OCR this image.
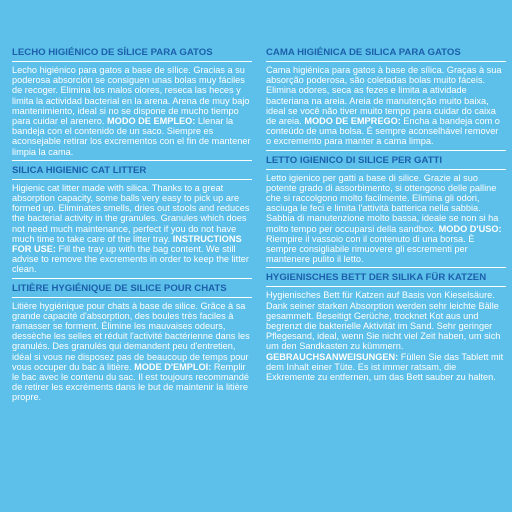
LECHO HIGIÉNICO DE SÍLICE PARA GATOS

Lecho higiénico para gatos a base de sílice. Gracias a su poderosa absorción se consiguen unas bolas muy fáciles de recoger. Elimina los malos olores, reseca las heces y limita la actividad bacterial en la arena. Arena de muy bajo mantenimiento, ideal si no se dispone de mucho tiempo para cuidar el arenero. MODO DE EMPLEO: Llenar la bandeja con el contenido de un saco. Siempre es aconsejable retirar los excrementos con el fin de mantener limpia la cama.

SILICA HIGIENIC CAT LITTER

Higienic cat litter made with silica. Thanks to a great absorption capacity, some balls very easy to pick up are formed up. Eliminates smells, dries out stools and reduces the bacterial activity in the granules. Granules which does not need much maintenance, perfect if you do not have much time to take care of the litter tray. INSTRUCTIONS FOR USE: Fill the tray up with the bag content. We still advise to remove the excrements in order to keep the litter clean.

LITIÈRE HYGIÉNIQUE DE SILICE POUR CHATS

Litière hygiénique pour chats à base de silice. Grâce à sa grande capacité d'absorption, des boules très faciles à ramasser se forment. Élimine les mauvaises odeurs, dessèche les selles et réduit l'activité bactérienne dans les granulés. Des granulés qui demandent peu d'entretien, idéal si vous ne disposez pas de beaucoup de temps pour vous occuper du bac à litière. MODE D'EMPLOI: Remplir le bac avec le contenu du sac. Il est toujours recommandé de retirer les excréments dans le but de maintenir la litière propre.

CAMA HIGIÉNICA DE SILICA PARA GATOS

Cama higiénica para gatos à base de sílica. Graças à sua absorção poderosa, são coletadas bolas muito fáceis. Elimina odores, seca as fezes e limita a atividade bacteriana na areia. Areia de manutenção muito baixa, ideal se você não tiver muito tempo para cuidar do caixa de areia. MODO DE EMPREGO: Encha a bandeja com o conteúdo de uma bolsa. É sempre aconselhável remover o excremento para manter a cama limpa.

LETTO IGIENICO DI SILICE PER GATTI

Letto igienico per gatti a base di silice. Grazie al suo potente grado di assorbimento, si ottengono delle palline che si raccolgono molto facilmente. Elimina gli odori, asciuga le feci e limita l'attività batterica nella sabbia. Sabbia di manutenzione molto bassa, ideale se non si ha molto tempo per occuparsi della sandbox. MODO D'USO: Riempire il vassoio con il contenuto di una borsa. È sempre consigliabile rimuovere gli escrementi per mantenere pulito il letto.

HYGIENISCHES BETT DER SILIKA FÜR KATZEN

Hygienisches Bett für Katzen auf Basis von Kieselsäure. Dank seiner starken Absorption werden sehr leichte Bälle gesammelt. Beseitigt Gerüche, trocknet Kot aus und begrenzt die bakterielle Aktivität im Sand. Sehr geringer Pflegesand, ideal, wenn Sie nicht viel Zeit haben, um sich um den Sandkasten zu kümmern. GEBRAUCHSANWEISUNGEN: Füllen Sie das Tablett mit dem Inhalt einer Tüte. Es ist immer ratsam, die Exkremente zu entfernen, um das Bett sauber zu halten.
